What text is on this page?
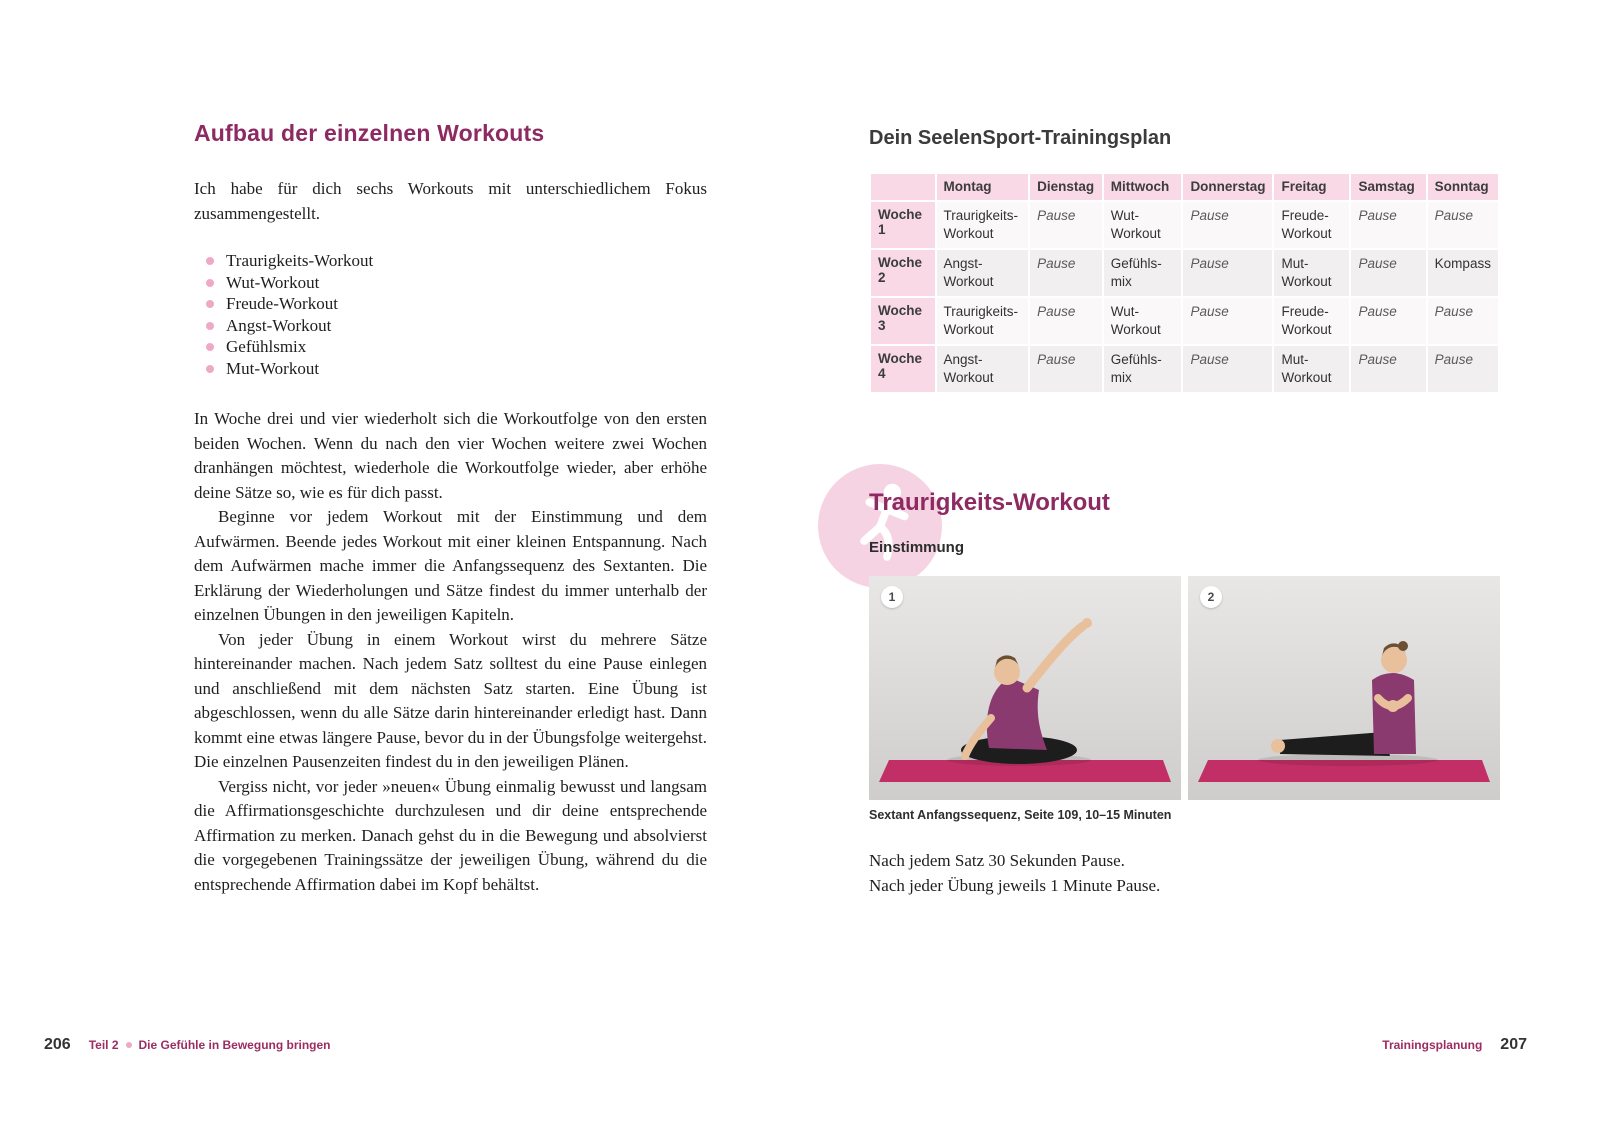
Aufbau der einzelnen Workouts

Ich habe für dich sechs Workouts mit unterschiedlichem Fokus zusammengestellt.

Traurigkeits-Workout
Wut-Workout
Freude-Workout
Angst-Workout
Gefühlsmix
Mut-Workout

In Woche drei und vier wiederholt sich die Workoutfolge von den ersten beiden Wochen. Wenn du nach den vier Wochen weitere zwei Wochen dranhängen möchtest, wiederhole die Workoutfolge wieder, aber erhöhe deine Sätze so, wie es für dich passt.

Beginne vor jedem Workout mit der Einstimmung und dem Aufwärmen. Beende jedes Workout mit einer kleinen Entspannung. Nach dem Aufwärmen mache immer die Anfangssequenz des Sextanten. Die Erklärung der Wiederholungen und Sätze findest du immer unterhalb der einzelnen Übungen in den jeweiligen Kapiteln.

Von jeder Übung in einem Workout wirst du mehrere Sätze hintereinander machen. Nach jedem Satz solltest du eine Pause einlegen und anschließend mit dem nächsten Satz starten. Eine Übung ist abgeschlossen, wenn du alle Sätze darin hintereinander erledigt hast. Dann kommt eine etwas längere Pause, bevor du in der Übungsfolge weitergehst. Die einzelnen Pausenzeiten findest du in den jeweiligen Plänen.

Vergiss nicht, vor jeder »neuen« Übung einmalig bewusst und langsam die Affirmationsgeschichte durchzulesen und dir deine entsprechende Affirmation zu merken. Danach gehst du in die Bewegung und absolvierst die vorgegebenen Trainingssätze der jeweiligen Übung, während du die entsprechende Affirmation dabei im Kopf behältst.

Dein SeelenSport-Trainingsplan
	Montag	Dienstag	Mittwoch	Donnerstag	Freitag	Samstag	Sonntag
Woche 1	Traurigkeits-Workout	Pause	Wut-Workout	Pause	Freude-Workout	Pause	Pause
Woche 2	Angst-Workout	Pause	Gefühls-mix	Pause	Mut-Workout	Pause	Kompass
Woche 3	Traurigkeits-Workout	Pause	Wut-Workout	Pause	Freude-Workout	Pause	Pause
Woche 4	Angst-Workout	Pause	Gefühls-mix	Pause	Mut-Workout	Pause	Pause
Traurigkeits-Workout
Einstimmung
1	2
Sextant Anfangssequenz, Seite 109, 10–15 Minuten
Nach jedem Satz 30 Sekunden Pause.
Nach jeder Übung jeweils 1 Minute Pause.
206 Teil 2 Die Gefühle in Bewegung bringen	Trainingsplanung 207
